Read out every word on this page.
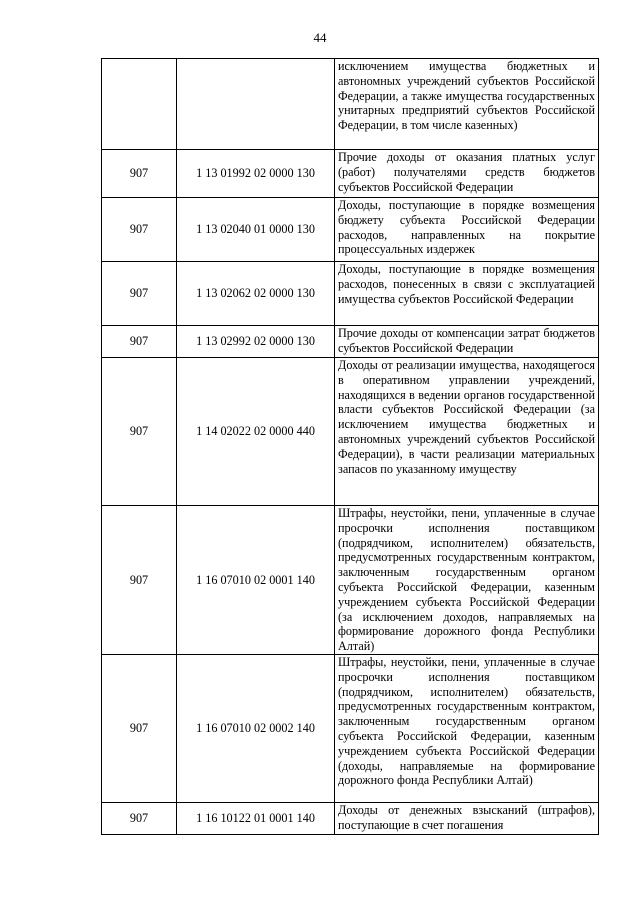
44
		исключением имущества бюджетных и автономных учреждений субъектов Российской Федерации, а также имущества государственных унитарных предприятий субъектов Российской Федерации, в том числе казенных)
907	1 13 01992 02 0000 130	Прочие доходы от оказания платных услуг (работ) получателями средств бюджетов субъектов Российской Федерации
907	1 13 02040 01 0000 130	Доходы, поступающие в порядке возмещения бюджету субъекта Российской Федерации расходов, направленных на покрытие процессуальных издержек
907	1 13 02062 02 0000 130	Доходы, поступающие в порядке возмещения расходов, понесенных в связи с эксплуатацией имущества субъектов Российской Федерации
907	1 13 02992 02 0000 130	Прочие доходы от компенсации затрат бюджетов субъектов Российской Федерации
907	1 14 02022 02 0000 440	Доходы от реализации имущества, находящегося в оперативном управлении учреждений, находящихся в ведении органов государственной власти субъектов Российской Федерации (за исключением имущества бюджетных и автономных учреждений субъектов Российской Федерации), в части реализации материальных запасов по указанному имуществу
907	1 16 07010 02 0001 140	Штрафы, неустойки, пени, уплаченные в случае просрочки исполнения поставщиком (подрядчиком, исполнителем) обязательств, предусмотренных государственным контрактом, заключенным государственным органом субъекта Российской Федерации, казенным учреждением субъекта Российской Федерации (за исключением доходов, направляемых на формирование дорожного фонда Республики Алтай)
907	1 16 07010 02 0002 140	Штрафы, неустойки, пени, уплаченные в случае просрочки исполнения поставщиком (подрядчиком, исполнителем) обязательств, предусмотренных государственным контрактом, заключенным государственным органом субъекта Российской Федерации, казенным учреждением субъекта Российской Федерации (доходы, направляемые на формирование дорожного фонда Республики Алтай)
907	1 16 10122 01 0001 140	Доходы от денежных взысканий (штрафов), поступающие в счет погашения
